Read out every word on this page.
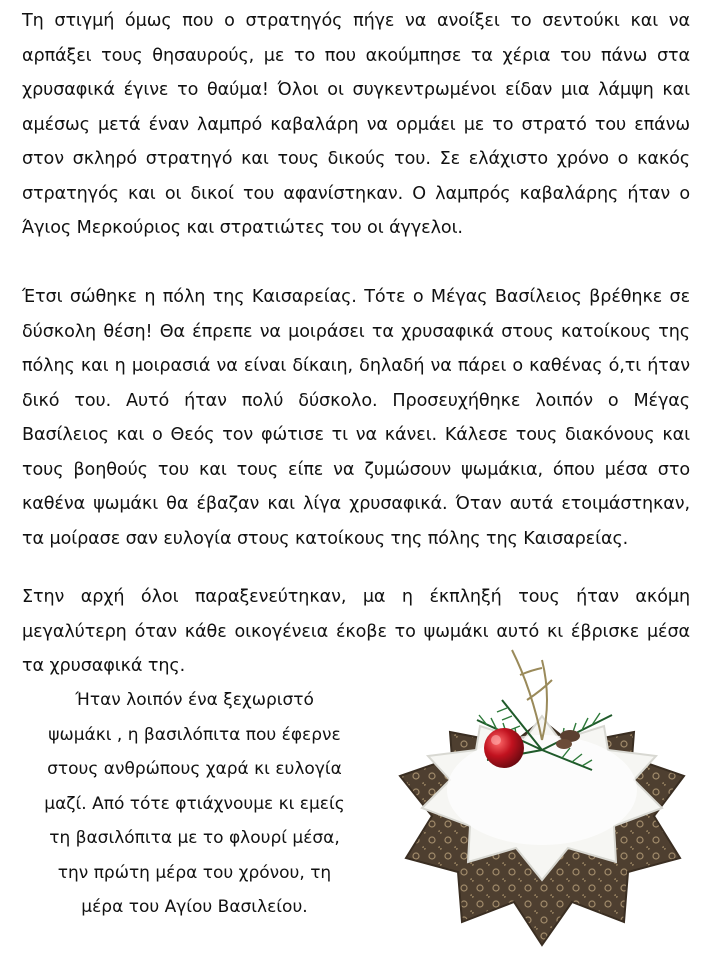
Τη στιγμή όμως που ο στρατηγός πήγε να ανοίξει το σεντούκι και να αρπάξει τους θησαυρούς, με το που ακούμπησε τα χέρια του πάνω στα χρυσαφικά έγινε το θαύμα! Όλοι οι συγκεντρωμένοι είδαν μια λάμψη και αμέσως μετά έναν λαμπρό καβαλάρη να ορμάει με το στρατό του επάνω στον σκληρό στρατηγό και τους δικούς του. Σε ελάχιστο χρόνο ο κακός στρατηγός και οι δικοί του αφανίστηκαν. Ο λαμπρός καβαλάρης ήταν ο Άγιος Μερκούριος και στρατιώτες του οι άγγελοι.

Έτσι σώθηκε η πόλη της Καισαρείας. Τότε ο Μέγας Βασίλειος βρέθηκε σε δύσκολη θέση! Θα έπρεπε να μοιράσει τα χρυσαφικά στους κατοίκους της πόλης και η μοιρασιά να είναι δίκαιη, δηλαδή να πάρει ο καθένας ό,τι ήταν δικό του. Αυτό ήταν πολύ δύσκολο. Προσευχήθηκε λοιπόν ο Μέγας Βασίλειος και ο Θεός τον φώτισε τι να κάνει. Κάλεσε τους διακόνους και τους βοηθούς του και τους είπε να ζυμώσουν ψωμάκια, όπου μέσα στο καθένα ψωμάκι θα έβαζαν και λίγα χρυσαφικά. Όταν αυτά ετοιμάστηκαν, τα μοίρασε σαν ευλογία στους κατοίκους της πόλης της Καισαρείας.

Στην αρχή όλοι παραξενεύτηκαν, μα η έκπληξή τους ήταν ακόμη μεγαλύτερη όταν κάθε οικογένεια έκοβε το ψωμάκι αυτό κι έβρισκε μέσα τα χρυσαφικά της.

Ήταν λοιπόν ένα ξεχωριστό
ψωμάκι , η βασιλόπιτα που έφερνε
στους ανθρώπους χαρά κι ευλογία
μαζί. Από τότε φτιάχνουμε κι εμείς
τη βασιλόπιτα με το φλουρί μέσα,
την πρώτη μέρα του χρόνου, τη
μέρα του Αγίου Βασιλείου.
